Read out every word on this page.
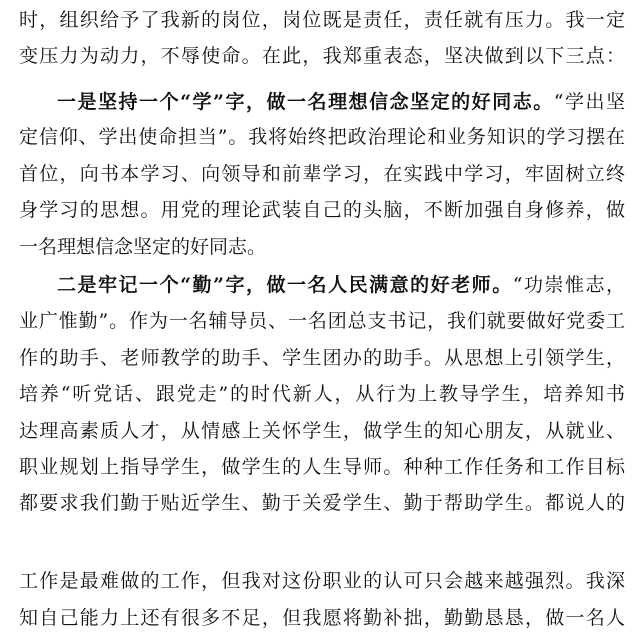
时，组织给予了我新的岗位，岗位既是责任，责任就有压力。我一定
变压力为动力，不辱使命。在此，我郑重表态，坚决做到以下三点：
一是坚持一个“学”字，做一名理想信念坚定的好同志。“学出坚
定信仰、学出使命担当”。我将始终把政治理论和业务知识的学习摆在
首位，向书本学习、向领导和前辈学习，在实践中学习，牢固树立终
身学习的思想。用党的理论武装自己的头脑，不断加强自身修养，做
一名理想信念坚定的好同志。
二是牢记一个“勤”字，做一名人民满意的好老师。“功崇惟志，
业广惟勤”。作为一名辅导员、一名团总支书记，我们就要做好党委工
作的助手、老师教学的助手、学生团办的助手。从思想上引领学生，
培养“听党话、跟党走”的时代新人，从行为上教导学生，培养知书
达理高素质人才，从情感上关怀学生，做学生的知心朋友，从就业、
职业规划上指导学生，做学生的人生导师。种种工作任务和工作目标
都要求我们勤于贴近学生、勤于关爱学生、勤于帮助学生。都说人的
工作是最难做的工作，但我对这份职业的认可只会越来越强烈。我深
知自己能力上还有很多不足，但我愿将勤补拙，勤勤恳恳，做一名人
